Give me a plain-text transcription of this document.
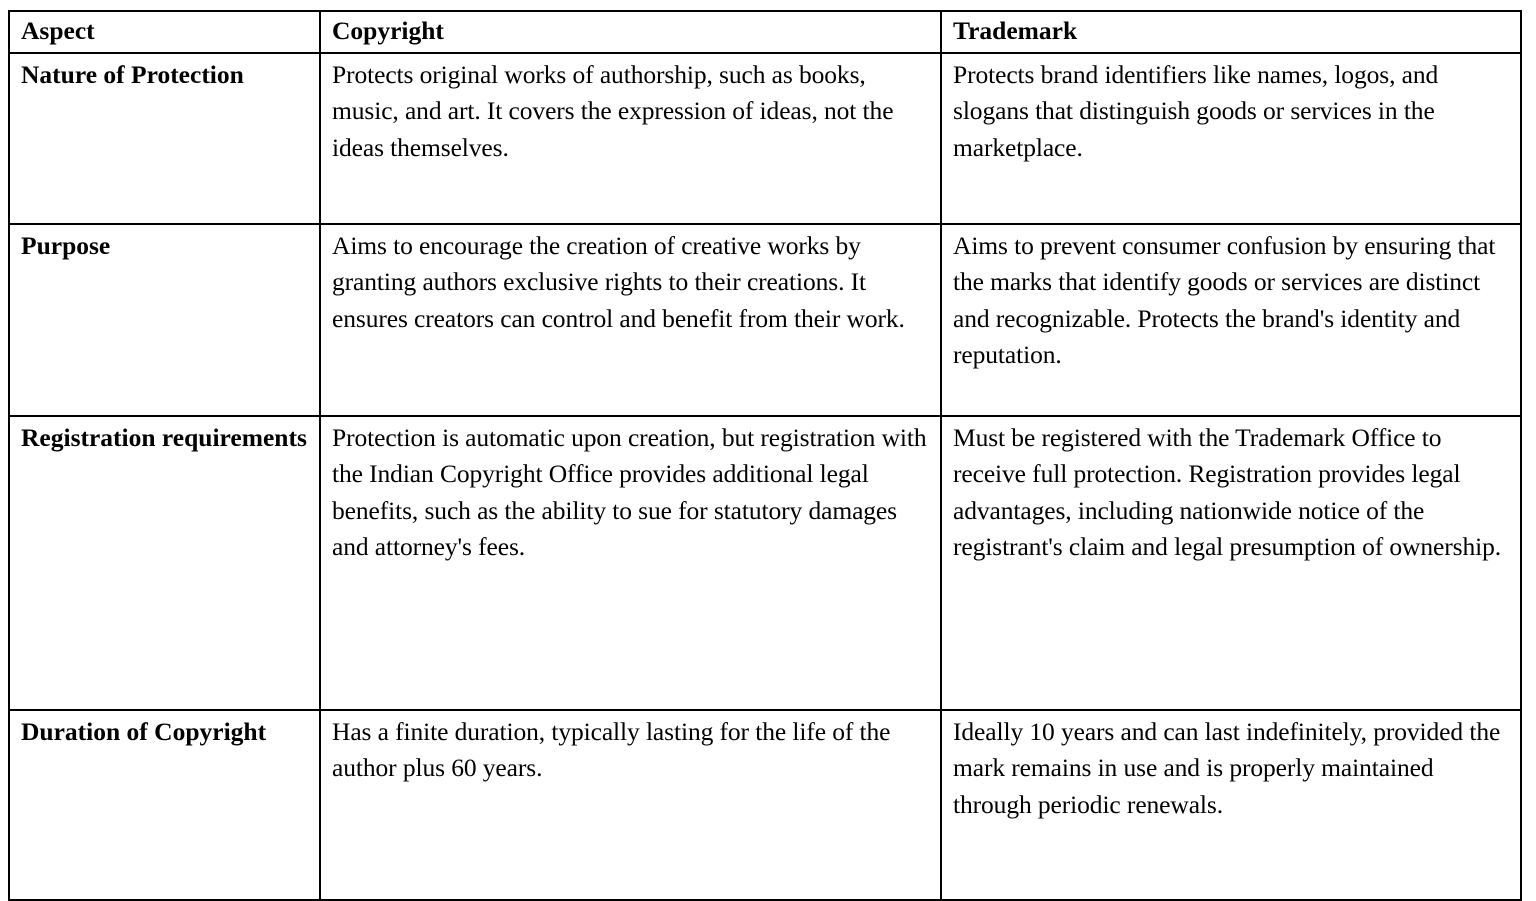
Aspect	Copyright	Trademark

Nature of Protection	Protects original works of authorship, such as books, music, and art. It covers the expression of ideas, not the ideas themselves.	Protects brand identifiers like names, logos, and slogans that distinguish goods or services in the marketplace.

Purpose	Aims to encourage the creation of creative works by granting authors exclusive rights to their creations. It ensures creators can control and benefit from their work.	Aims to prevent consumer confusion by ensuring that the marks that identify goods or services are distinct and recognizable. Protects the brand's identity and reputation.

Registration requirements	Protection is automatic upon creation, but registration with the Indian Copyright Office provides additional legal benefits, such as the ability to sue for statutory damages and attorney's fees.	Must be registered with the Trademark Office to receive full protection. Registration provides legal advantages, including nationwide notice of the registrant's claim and legal presumption of ownership.

Duration of Copyright	Has a finite duration, typically lasting for the life of the author plus 60 years.	Ideally 10 years and can last indefinitely, provided the mark remains in use and is properly maintained through periodic renewals.
